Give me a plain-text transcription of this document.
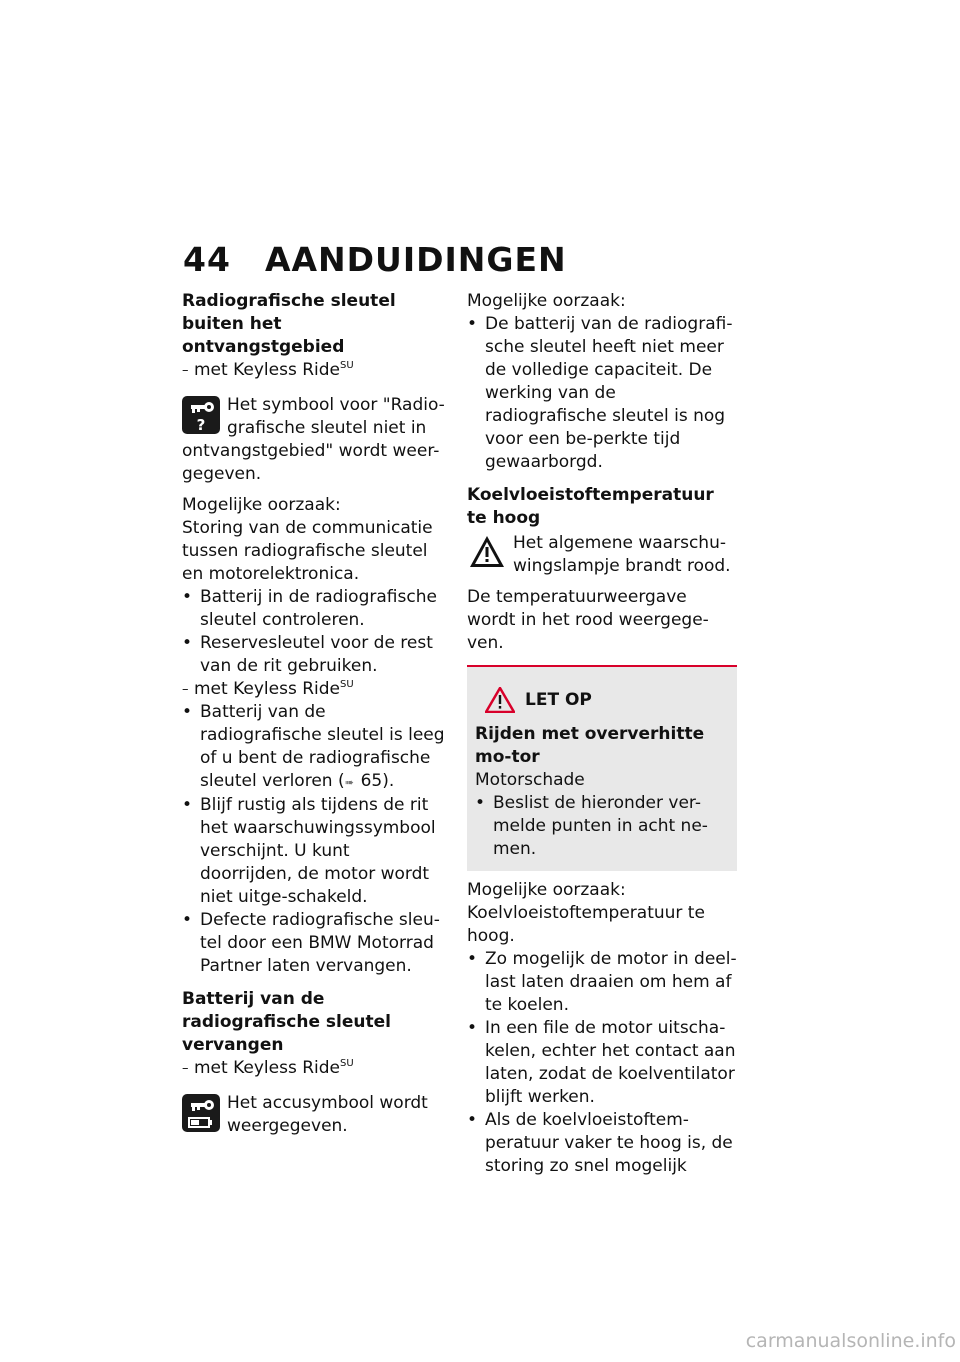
44 AANDUIDINGEN

Radiografische sleutel buiten het ontvangstgebied

– met Keyless Ride$^{SU}$

?

Het symbool voor "Radio-grafische sleutel niet in ontvangstgebied" wordt weer-gegeven.

Mogelijke oorzaak:

Storing van de communicatie tussen radiografische sleutel en motorelektronica.

• Batterij in de radiografische sleutel controleren.
• Reservesleutel voor de rest van de rit gebruiken.

– met Keyless Ride$^{SU}$

• Batterij van de radiografische sleutel is leeg of u bent de radiografische sleutel verloren (➠ 65).
• Blijf rustig als tijdens de rit het waarschuwingssymbool verschijnt. U kunt doorrijden, de motor wordt niet uitge-schakeld.
• Defecte radiografische sleu-tel door een BMW Motorrad Partner laten vervangen.

Batterij van de radiografische sleutel vervangen

– met Keyless Ride$^{SU}$

Het accusymbool wordt weergegeven.

Mogelijke oorzaak:

• De batterij van de radiografi-sche sleutel heeft niet meer de volledige capaciteit. De werking van de radiografische sleutel is nog voor een be-perkte tijd gewaarborgd.

Koelvloeistoftemperatuur te hoog

Het algemene waarschu-wingslampje brandt rood.

De temperatuurweergave wordt in het rood weergege-ven.

LET OP

Rijden met oververhitte mo-tor

Motorschade

• Beslist de hieronder ver-melde punten in acht ne-men.

Mogelijke oorzaak:

Koelvloeistoftemperatuur te hoog.

• Zo mogelijk de motor in deel-last laten draaien om hem af te koelen.
• In een file de motor uitscha-kelen, echter het contact aan laten, zodat de koelventilator blijft werken.
• Als de koelvloeistoftem-peratuur vaker te hoog is, de storing zo snel mogelijk
carmanualsonline.info
